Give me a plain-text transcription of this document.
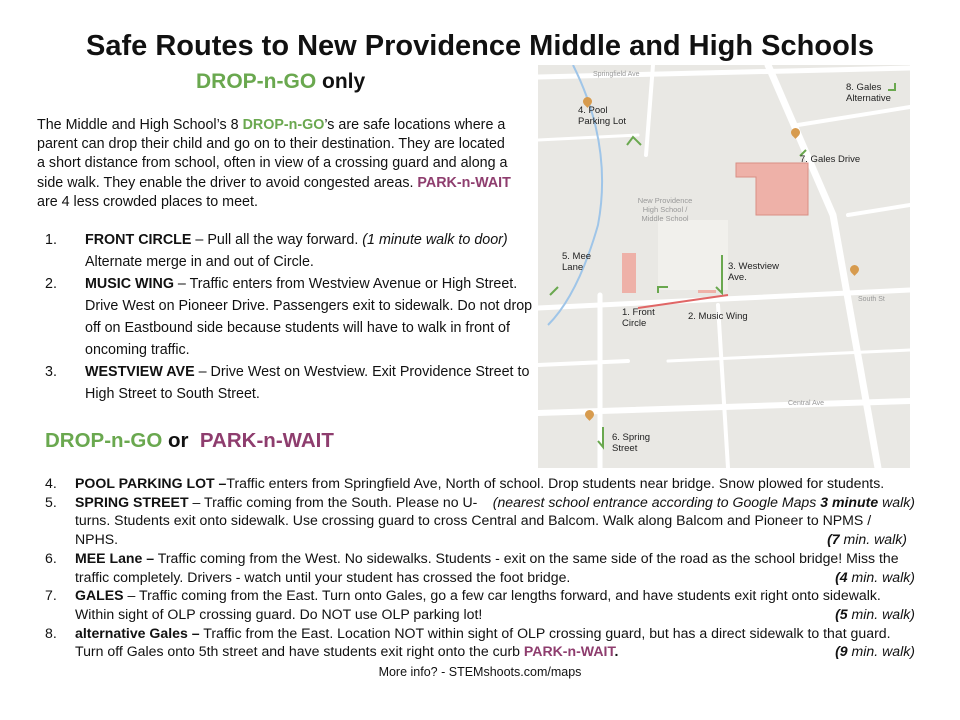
Safe Routes to New Providence Middle and High Schools
DROP-n-GO only
The Middle and High School’s 8 DROP-n-GO’s are safe locations where a parent can drop their child and go on to their destination. They are located a short distance from school, often in view of a crossing guard and along a side walk. They enable the driver to avoid congested areas. PARK-n-WAIT are 4 less crowded places to meet.
1. FRONT CIRCLE – Pull all the way forward. (1 minute walk to door) Alternate merge in and out of Circle.
2. MUSIC WING – Traffic enters from Westview Avenue or High Street. Drive West on Pioneer Drive. Passengers exit to sidewalk. Do not drop off on Eastbound side because students will have to walk in front of oncoming traffic.
3. WESTVIEW AVE – Drive West on Westview. Exit Providence Street to High Street to South Street.
DROP-n-GO or PARK-n-WAIT
4. POOL PARKING LOT –Traffic enters from Springfield Ave, North of school. Drop students near bridge. Snow plowed for students.
(nearest school entrance according to Google Maps 3 minute walk)
5. SPRING STREET – Traffic coming from the South. Please no U-turns. Students exit onto sidewalk. Use crossing guard to cross Central and Balcom. Walk along Balcom and Pioneer to NPMS / NPHS.	(7 min. walk)
6. MEE Lane – Traffic coming from the West. No sidewalks. Students - exit on the same side of the road as the school bridge! Miss the traffic completely. Drivers - watch until your student has crossed the foot bridge.	(4 min. walk)
7. GALES – Traffic coming from the East. Turn onto Gales, go a few car lengths forward, and have students exit right onto sidewalk. Within sight of OLP crossing guard. Do NOT use OLP parking lot!	(5 min. walk)
8. alternative Gales – Traffic from the East. Location NOT within sight of OLP crossing guard, but has a direct sidewalk to that guard. Turn off Gales onto 5th street and have students exit right onto the curb PARK-n-WAIT.	(9 min. walk)
More info? - STEMshoots.com/maps
Springfield Ave
South St
Central Ave
New Providence
High School /
Middle School
4. Pool
Parking Lot
8. Gales
Alternative
7. Gales Drive
5. Mee
Lane	3. Westview
Ave.
1. Front
Circle
2. Music Wing
6. Spring
Street
